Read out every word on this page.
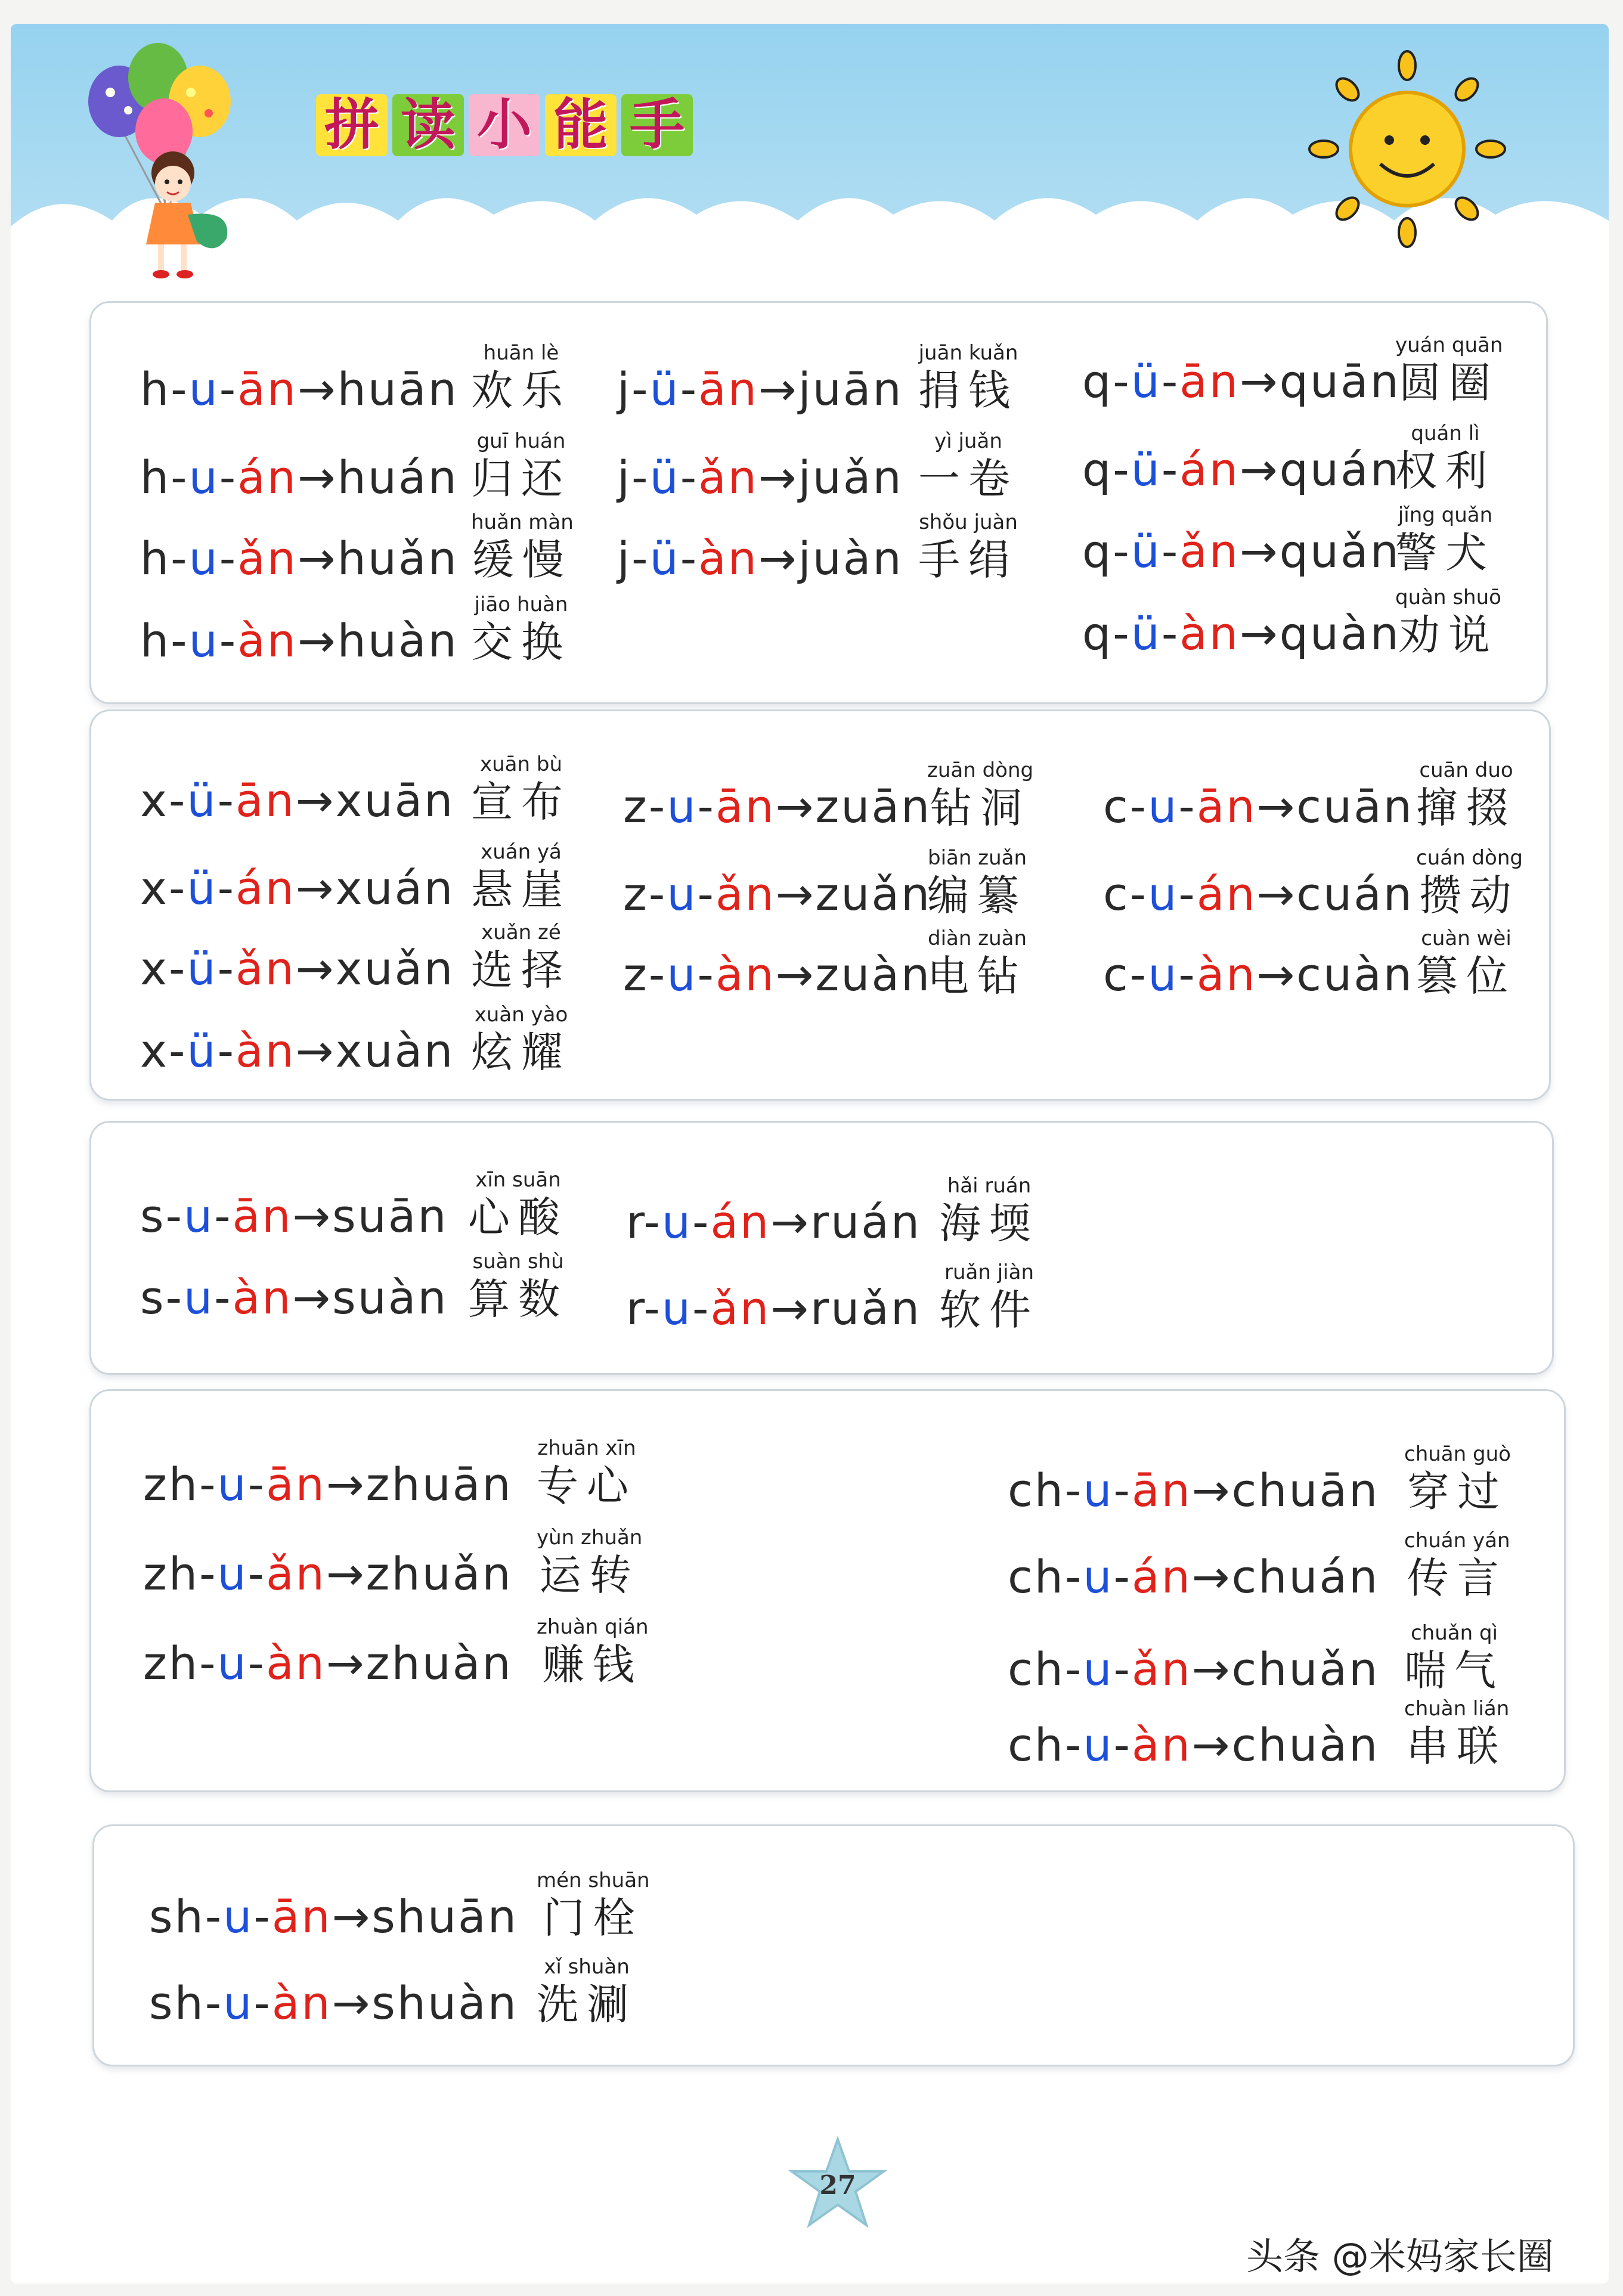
拼 读 小 能 手
h-u-ān→huān
huān lè
欢乐
h-u-án→huán
guī huán
归还
h-u-ǎn→huǎn
huǎn màn
缓慢
h-u-àn→huàn
jiāo huàn
交换
j-ü-ān→juān
juān kuǎn
捐钱
j-ü-ǎn→juǎn
yì juǎn
一卷
j-ü-àn→juàn
shǒu juàn
手绢
q-ü-ān→quān
yuán quān
圆圈
q-ü-án→quán
quán lì
权利
q-ü-ǎn→quǎn
jǐng quǎn
警犬
q-ü-àn→quàn
quàn shuō
劝说
x-ü-ān→xuān
xuān bù
宣布
x-ü-án→xuán
xuán yá
悬崖
x-ü-ǎn→xuǎn
xuǎn zé
选择
x-ü-àn→xuàn
xuàn yào
炫耀
z-u-ān→zuān
zuān dòng
钻洞
z-u-ǎn→zuǎn
biān zuǎn
编纂
z-u-àn→zuàn
diàn zuàn
电钻
c-u-ān→cuān
cuān duo
撺掇
c-u-án→cuán
cuán dòng
攒动
c-u-àn→cuàn
cuàn wèi
篡位
s-u-ān→suān
xīn suān
心酸
s-u-àn→suàn
suàn shù
算数
r-u-án→ruán
hǎi ruán
海堧
r-u-ǎn→ruǎn
ruǎn jiàn
软件
zh-u-ān→zhuān
zhuān xīn
专心
zh-u-ǎn→zhuǎn
yùn zhuǎn
运转
zh-u-àn→zhuàn
zhuàn qián
赚钱
ch-u-ān→chuān
chuān guò
穿过
ch-u-án→chuán
chuán yán
传言
ch-u-ǎn→chuǎn
chuǎn qì
喘气
ch-u-àn→chuàn
chuàn lián
串联
sh-u-ān→shuān
mén shuān
门栓
sh-u-àn→shuàn
xǐ shuàn
洗涮
27
头条 @米妈家长圈
